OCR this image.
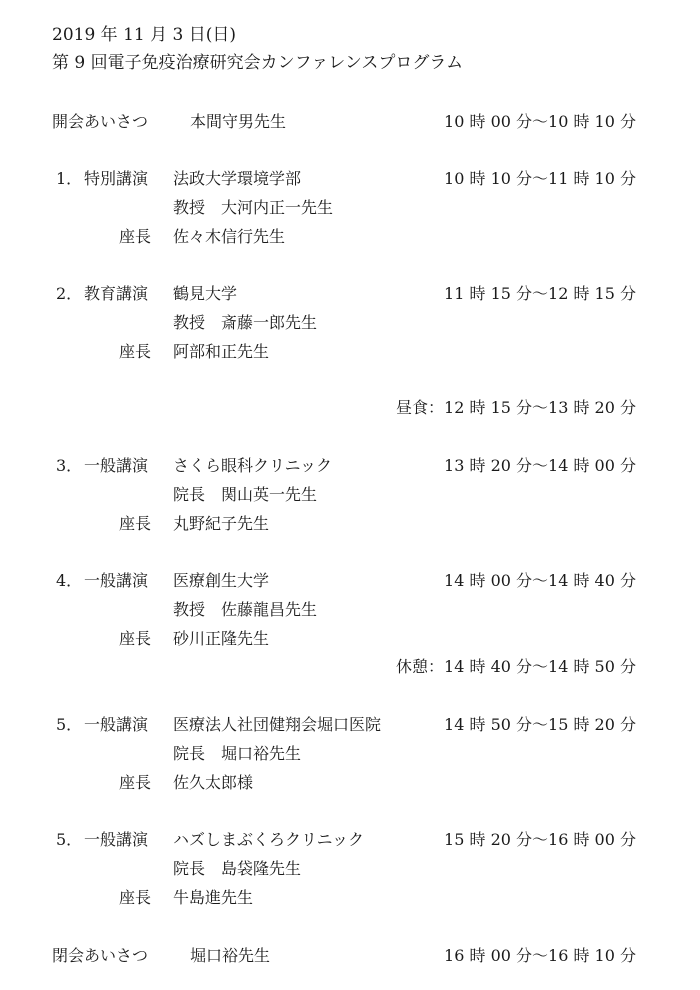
2019 年 11 月 3 日(日)
第 9 回電子免疫治療研究会カンファレンスプログラム
開会あいさつ	本間守男先生	10 時 00 分〜10 時 10 分
1． 特別講演 法政大学環境学部	10 時 10 分〜11 時 10 分
教授　大河内正一先生
座長 佐々木信行先生
2． 教育講演 鶴見大学	11 時 15 分〜12 時 15 分
教授　斎藤一郎先生
座長 阿部和正先生
昼食：12 時 15 分〜13 時 20 分
3． 一般講演 さくら眼科クリニック	13 時 20 分〜14 時 00 分
院長　関山英一先生
座長 丸野紀子先生
4． 一般講演 医療創生大学	14 時 00 分〜14 時 40 分
教授　佐藤龍昌先生
座長 砂川正隆先生
休憩：14 時 40 分〜14 時 50 分
5． 一般講演 医療法人社団健翔会堀口医院	14 時 50 分〜15 時 20 分
院長　堀口裕先生
座長 佐久太郎様
5． 一般講演 ハズしまぶくろクリニック	15 時 20 分〜16 時 00 分
院長　島袋隆先生
座長 牛島進先生
閉会あいさつ	堀口裕先生	16 時 00 分〜16 時 10 分
